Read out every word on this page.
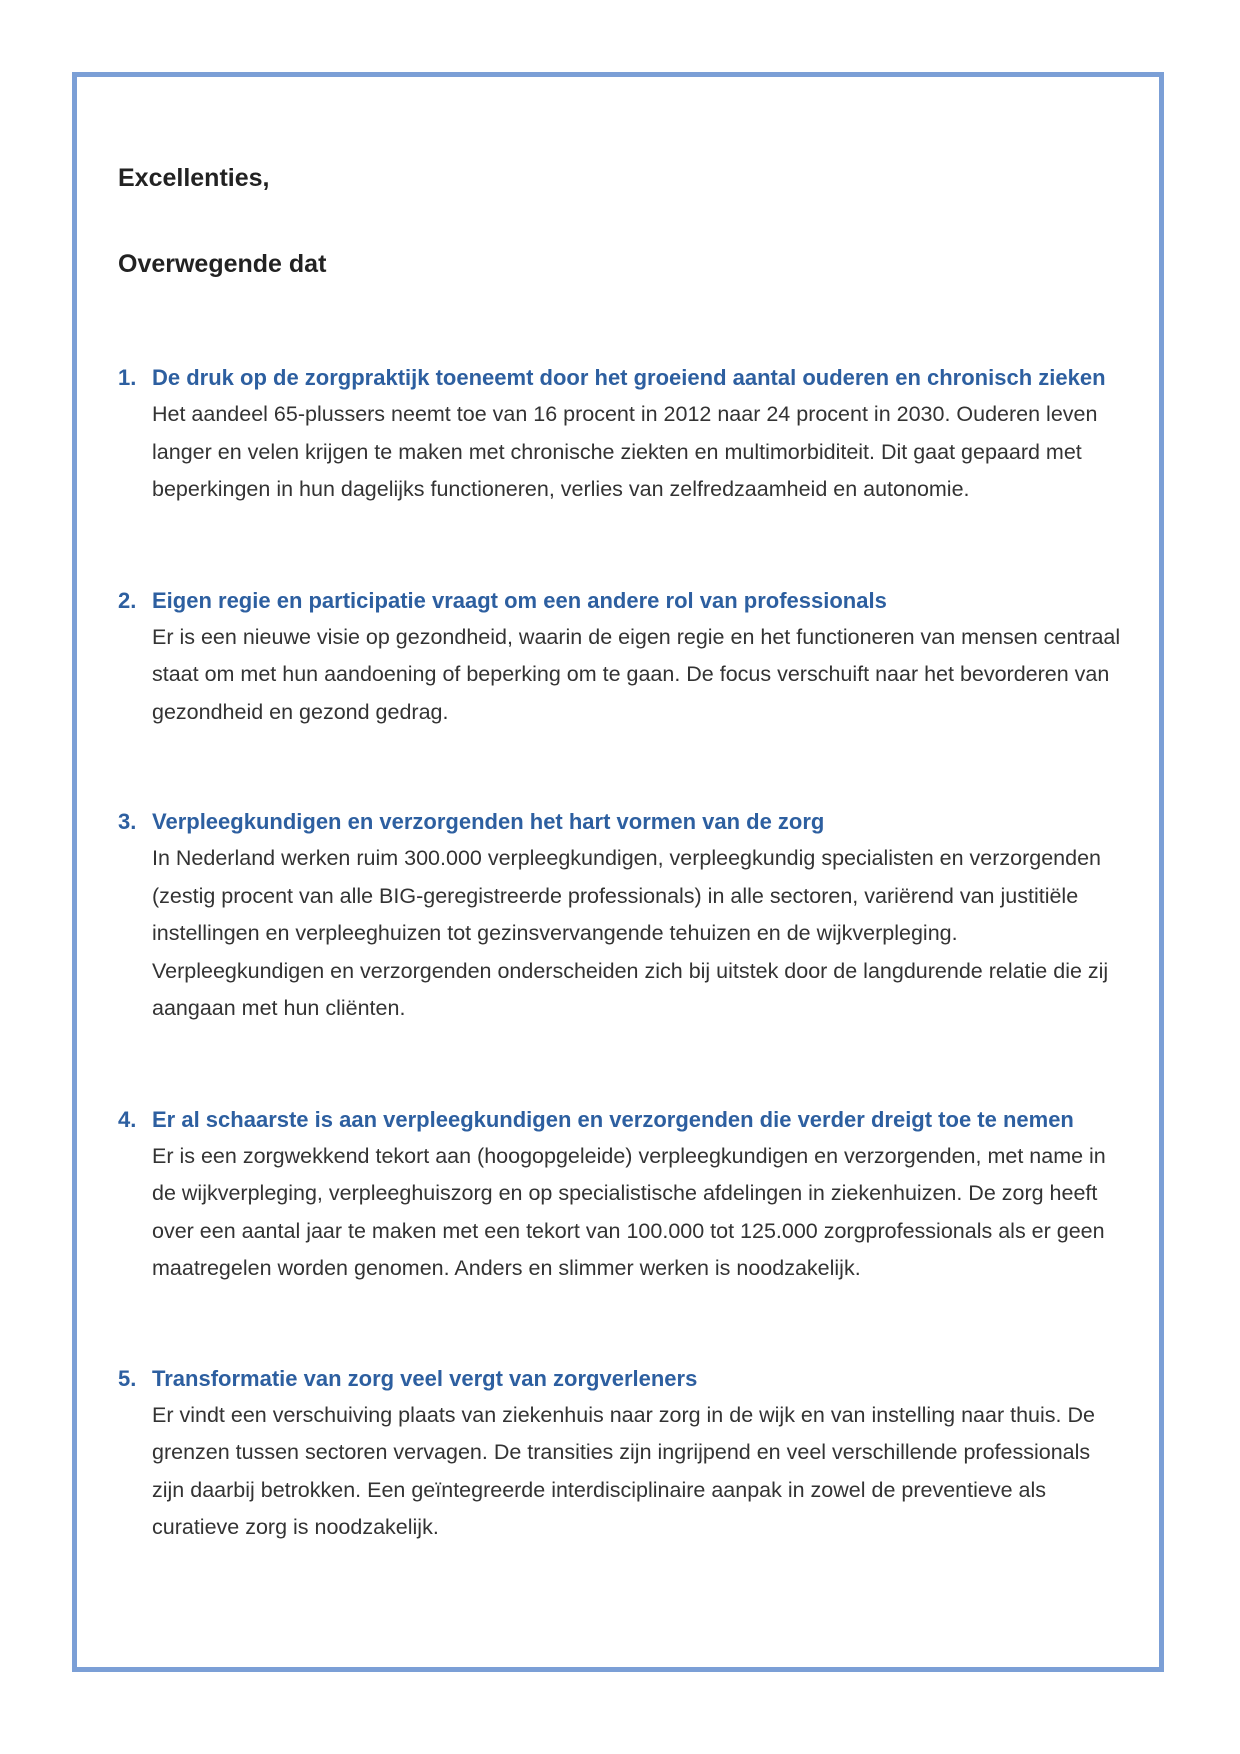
Excellenties,

Overwegende dat

1. De druk op de zorgpraktijk toeneemt door het groeiend aantal ouderen en chronisch zieken

Het aandeel 65-plussers neemt toe van 16 procent in 2012 naar 24 procent in 2030. Ouderen leven langer en velen krijgen te maken met chronische ziekten en multimorbiditeit. Dit gaat gepaard met beperkingen in hun dagelijks functioneren, verlies van zelfredzaamheid en autonomie.

2. Eigen regie en participatie vraagt om een andere rol van professionals

Er is een nieuwe visie op gezondheid, waarin de eigen regie en het functioneren van mensen centraal staat om met hun aandoening of beperking om te gaan. De focus verschuift naar het bevorderen van gezondheid en gezond gedrag.

3. Verpleegkundigen en verzorgenden het hart vormen van de zorg

In Nederland werken ruim 300.000 verpleegkundigen, verpleegkundig specialisten en verzorgenden (zestig procent van alle BIG-geregistreerde professionals) in alle sectoren, variërend van justitiële instellingen en verpleeghuizen tot gezinsvervangende tehuizen en de wijkverpleging. Verpleegkundigen en verzorgenden onderscheiden zich bij uitstek door de langdurende relatie die zij aangaan met hun cliënten.

4. Er al schaarste is aan verpleegkundigen en verzorgenden die verder dreigt toe te nemen

Er is een zorgwekkend tekort aan (hoogopgeleide) verpleegkundigen en verzorgenden, met name in de wijkverpleging, verpleeghuiszorg en op specialistische afdelingen in ziekenhuizen. De zorg heeft over een aantal jaar te maken met een tekort van 100.000 tot 125.000 zorgprofessionals als er geen maatregelen worden genomen. Anders en slimmer werken is noodzakelijk.

5. Transformatie van zorg veel vergt van zorgverleners

Er vindt een verschuiving plaats van ziekenhuis naar zorg in de wijk en van instelling naar thuis. De grenzen tussen sectoren vervagen. De transities zijn ingrijpend en veel verschillende professionals zijn daarbij betrokken. Een geïntegreerde interdisciplinaire aanpak in zowel de preventieve als curatieve zorg is noodzakelijk.
